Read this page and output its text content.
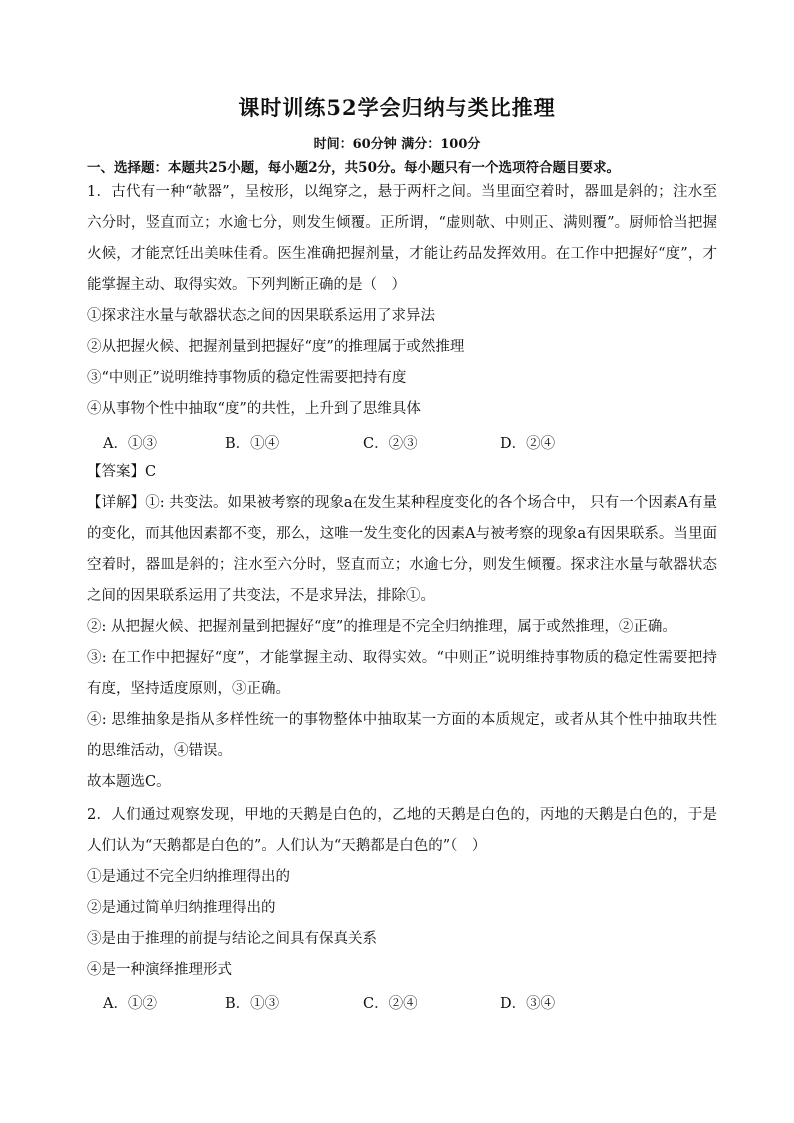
课时训练52学会归纳与类比推理
时间：60分钟 满分：100分
一、选择题：本题共25小题，每小题2分，共50分。每小题只有一个选项符合题目要求。
1．古代有一种“欹器”，呈桉形，以绳穿之，悬于两杆之间。当里面空着时，器皿是斜的；注水至六分时，竖直而立；水逾七分，则发生倾覆。正所谓，“虚则欹、中则正、满则覆”。厨师恰当把握火候，才能烹饪出美味佳肴。医生准确把握剂量，才能让药品发挥效用。在工作中把握好“度”，才能掌握主动、取得实效。下列判断正确的是（　）
①探求注水量与欹器状态之间的因果联系运用了求异法
②从把握火候、把握剂量到把握好“度”的推理属于或然推理
③“中则正”说明维持事物质的稳定性需要把持有度
④从事物个性中抽取“度”的共性，上升到了思维具体
A．①③	B．①④	C．②③	D．②④
【答案】C
【详解】①: 共变法。如果被考察的现象a在发生某种程度变化的各个场合中， 只有一个因素A有量的变化，而其他因素都不变，那么，这唯一发生变化的因素A与被考察的现象a有因果联系。当里面空着时，器皿是斜的；注水至六分时，竖直而立；水逾七分，则发生倾覆。探求注水量与欹器状态之间的因果联系运用了共变法，不是求异法，排除①。
②: 从把握火候、把握剂量到把握好“度”的推理是不完全归纳推理，属于或然推理，②正确。
③: 在工作中把握好“度”，才能掌握主动、取得实效。“中则正”说明维持事物质的稳定性需要把持有度，坚持适度原则，③正确。
④: 思维抽象是指从多样性统一的事物整体中抽取某一方面的本质规定，或者从其个性中抽取共性的思维活动，④错误。
故本题选C。
2．人们通过观察发现，甲地的天鹅是白色的，乙地的天鹅是白色的，丙地的天鹅是白色的，于是人们认为“天鹅都是白色的”。人们认为“天鹅都是白色的”（　）
①是通过不完全归纳推理得出的
②是通过简单归纳推理得出的
③是由于推理的前提与结论之间具有保真关系
④是一种演绎推理形式
A．①②	B．①③	C．②④	D．③④
